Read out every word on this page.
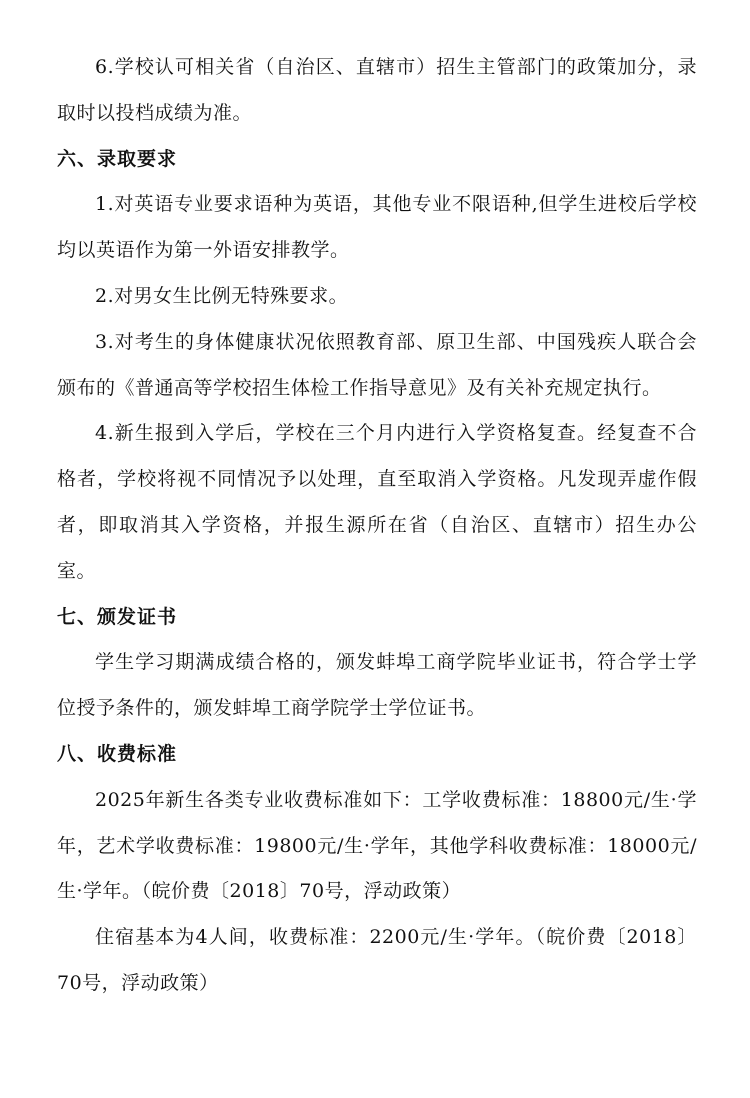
6.学校认可相关省（自治区、直辖市）招生主管部门的政策加分，录取时以投档成绩为准。

六、录取要求

1.对英语专业要求语种为英语，其他专业不限语种,但学生进校后学校均以英语作为第一外语安排教学。

2.对男女生比例无特殊要求。

3.对考生的身体健康状况依照教育部、原卫生部、中国残疾人联合会颁布的《普通高等学校招生体检工作指导意见》及有关补充规定执行。

4.新生报到入学后，学校在三个月内进行入学资格复查。经复查不合格者，学校将视不同情况予以处理，直至取消入学资格。凡发现弄虚作假者，即取消其入学资格，并报生源所在省（自治区、直辖市）招生办公室。

七、颁发证书

学生学习期满成绩合格的，颁发蚌埠工商学院毕业证书，符合学士学位授予条件的，颁发蚌埠工商学院学士学位证书。

八、收费标准

2025年新生各类专业收费标准如下：工学收费标准：18800元/生·学年，艺术学收费标准：19800元/生·学年，其他学科收费标准：18000元/生·学年。（皖价费〔2018〕70号，浮动政策）

住宿基本为4人间，收费标准：2200元/生·学年。（皖价费〔2018〕70号，浮动政策）
